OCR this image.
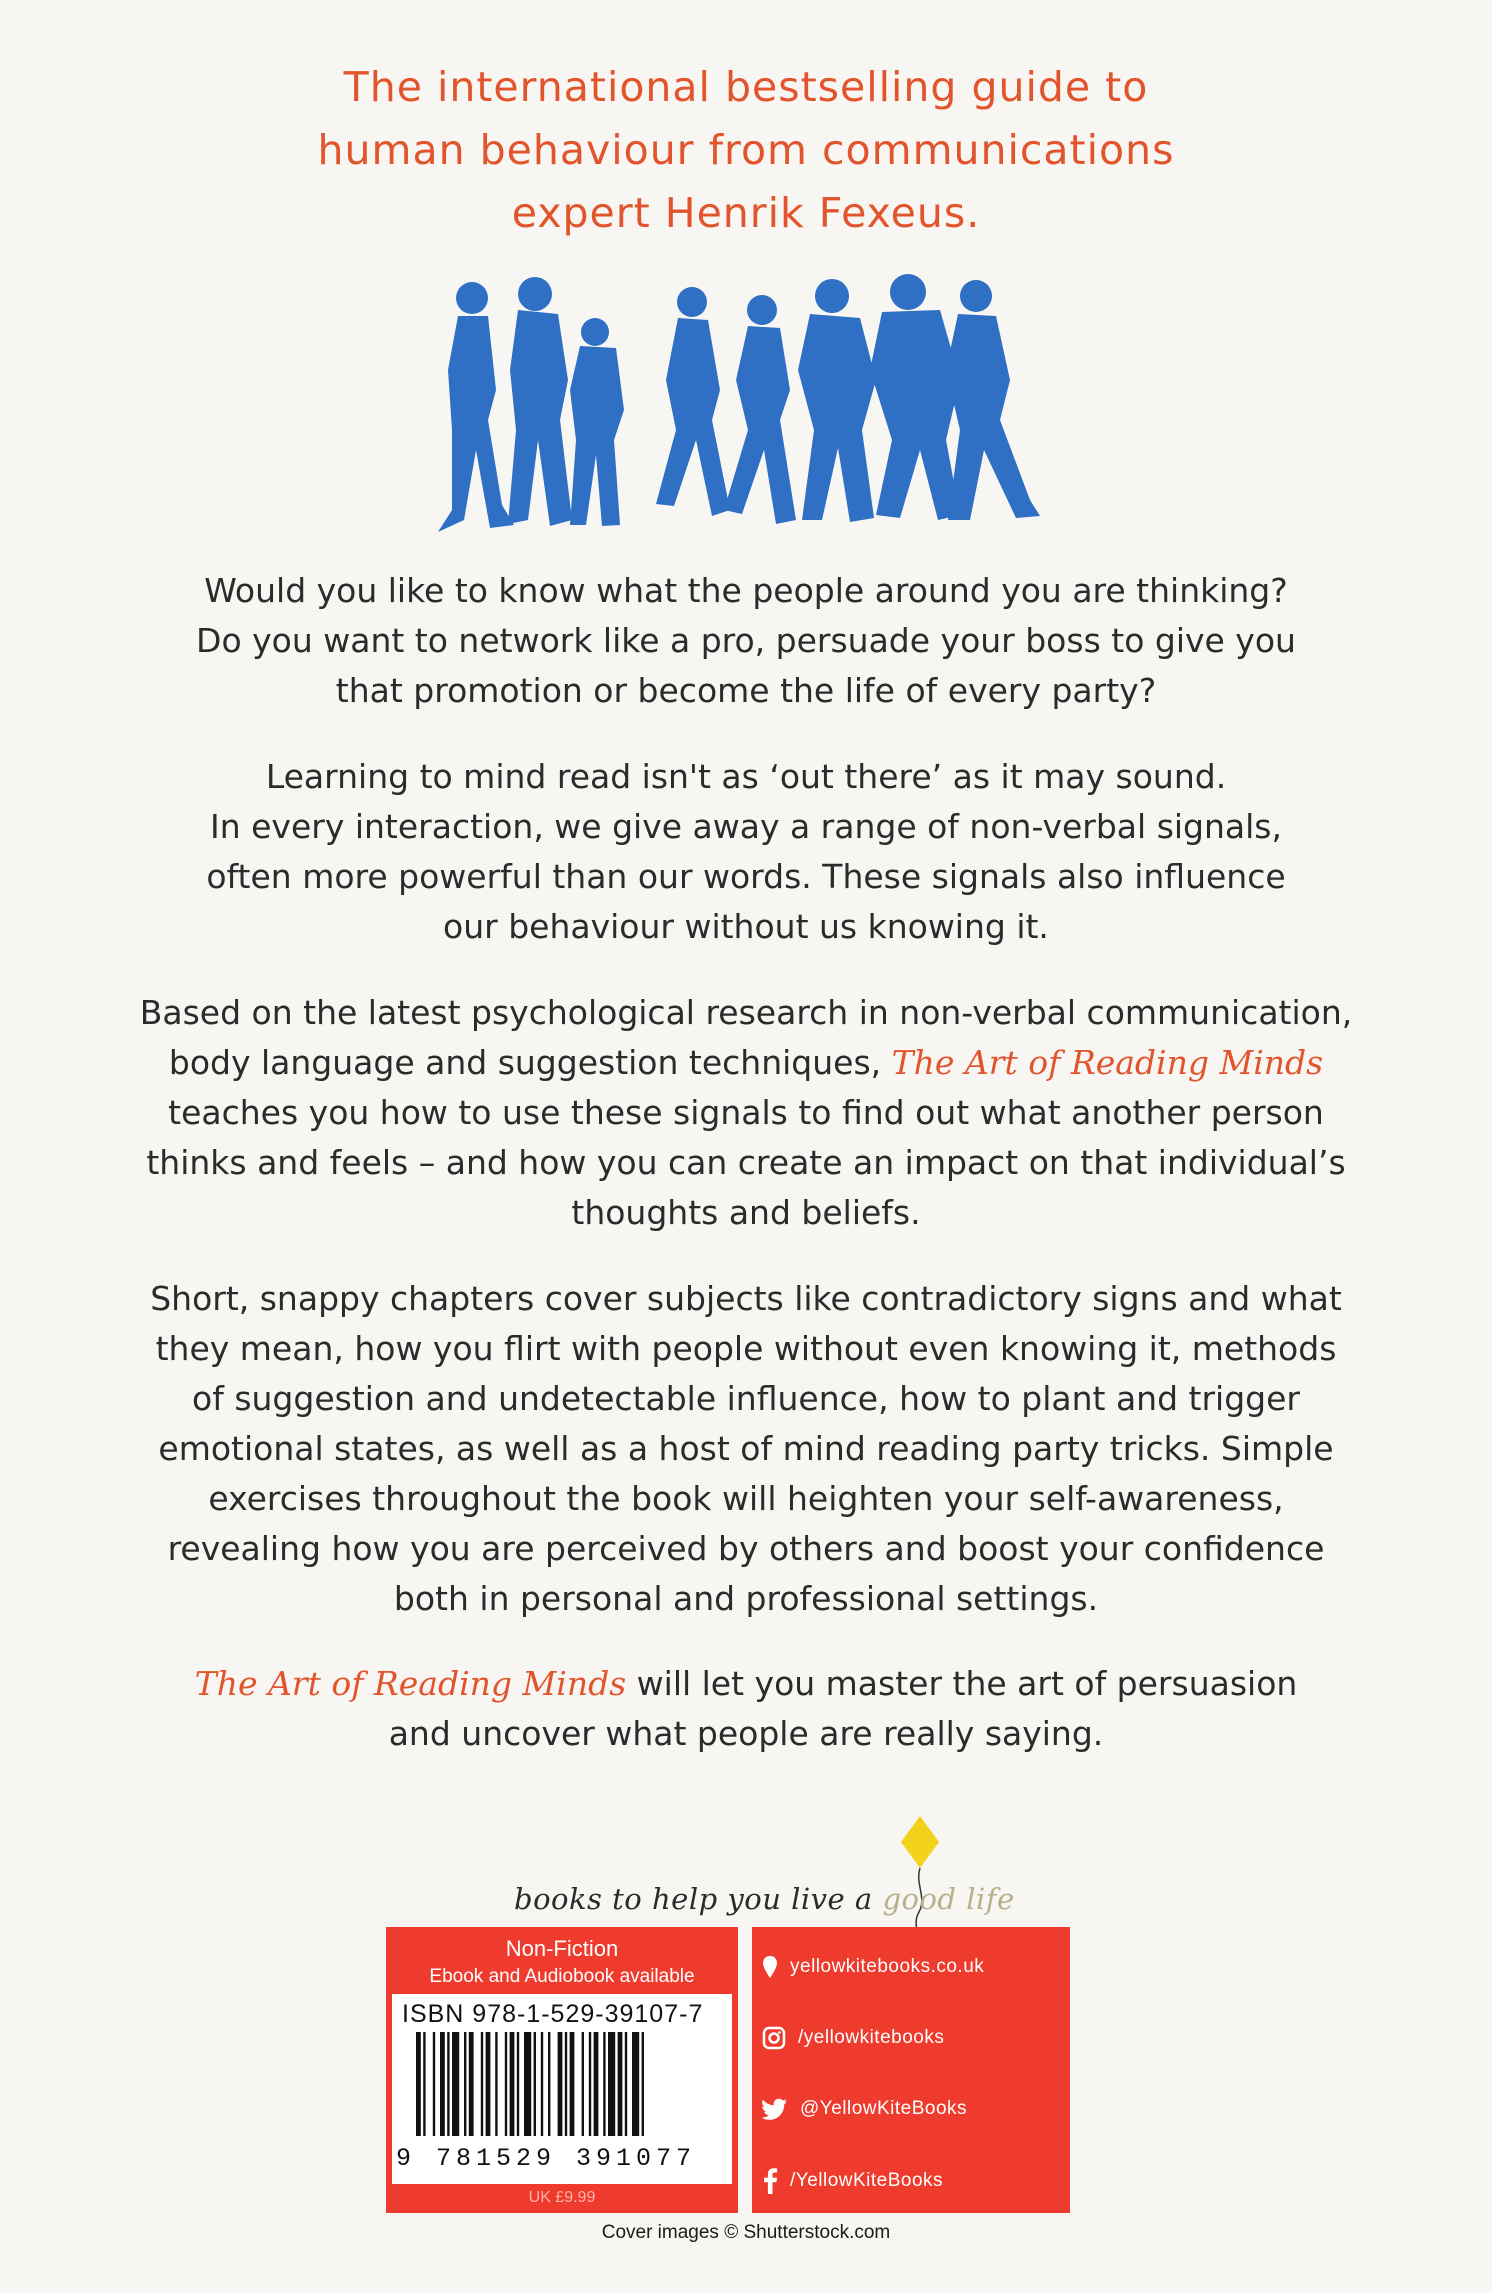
The international bestselling guide to
human behaviour from communications
expert Henrik Fexeus.
Would you like to know what the people around you are thinking?
Do you want to network like a pro, persuade your boss to give you
that promotion or become the life of every party?
Learning to mind read isn't as ‘out there’ as it may sound.
In every interaction, we give away a range of non-verbal signals,
often more powerful than our words. These signals also influence
our behaviour without us knowing it.
Based on the latest psychological research in non-verbal communication,
body language and suggestion techniques, The Art of Reading Minds
teaches you how to use these signals to find out what another person
thinks and feels – and how you can create an impact on that individual’s
thoughts and beliefs.
Short, snappy chapters cover subjects like contradictory signs and what
they mean, how you flirt with people without even knowing it, methods
of suggestion and undetectable influence, how to plant and trigger
emotional states, as well as a host of mind reading party tricks. Simple
exercises throughout the book will heighten your self-awareness,
revealing how you are perceived by others and boost your confidence
both in personal and professional settings.
The Art of Reading Minds will let you master the art of persuasion
and uncover what people are really saying.
books to help you live a good life
Non-Fiction
Ebook and Audiobook available
ISBN 978-1-529-39107-7
9 781529 391077
UK £9.99
yellowkitebooks.co.uk
/yellowkitebooks
@YellowKiteBooks
/YellowKiteBooks
Cover images © Shutterstock.com
